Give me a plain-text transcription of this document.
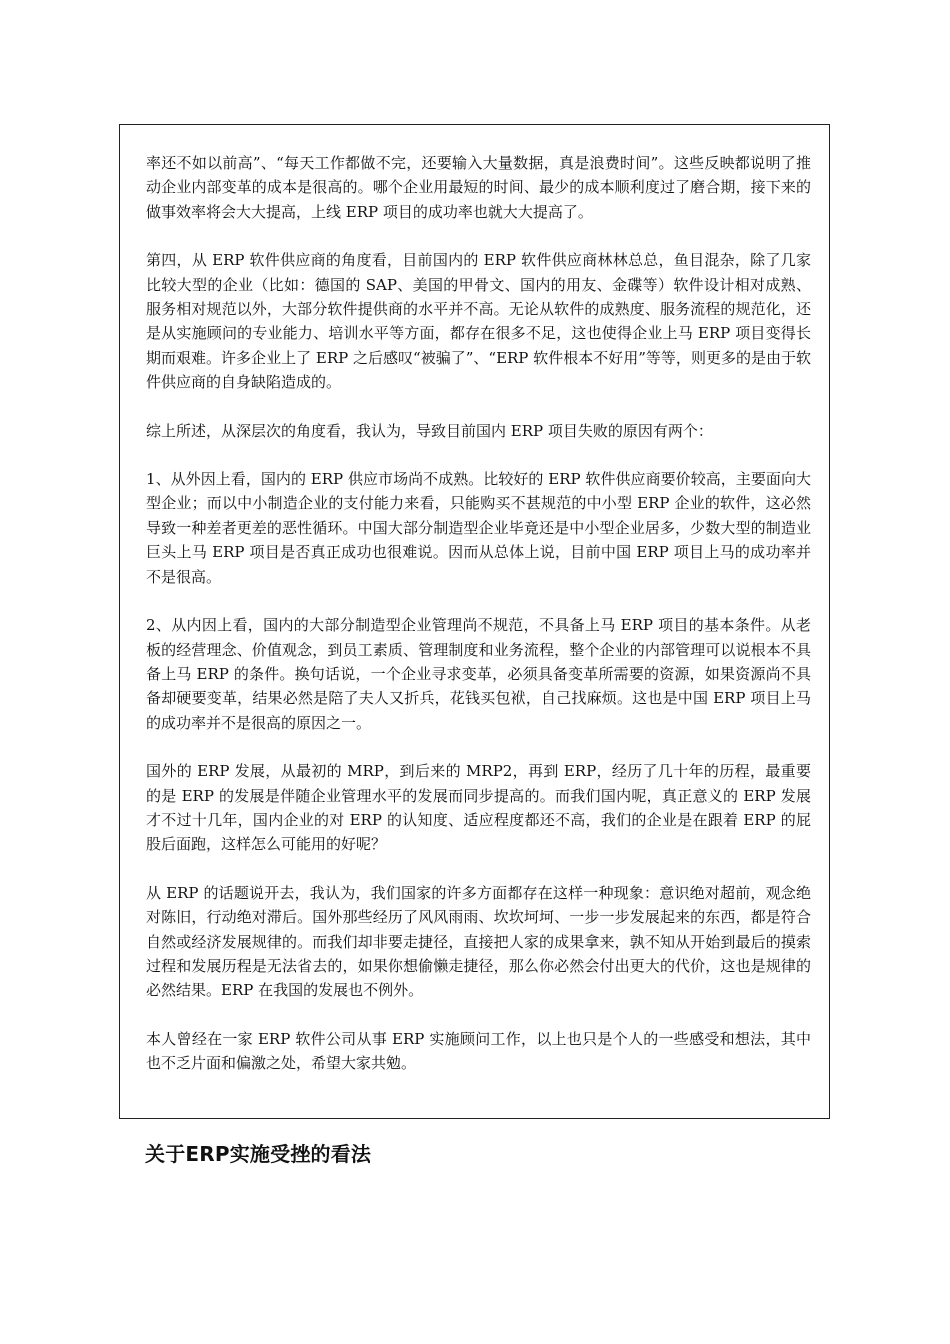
率还不如以前高”、“每天工作都做不完，还要输入大量数据，真是浪费时间”。这些反映都说明了推动企业内部变革的成本是很高的。哪个企业用最短的时间、最少的成本顺利度过了磨合期，接下来的做事效率将会大大提高，上线 ERP 项目的成功率也就大大提高了。

第四，从 ERP 软件供应商的角度看，目前国内的 ERP 软件供应商林林总总，鱼目混杂，除了几家比较大型的企业（比如：德国的 SAP、美国的甲骨文、国内的用友、金碟等）软件设计相对成熟、服务相对规范以外，大部分软件提供商的水平并不高。无论从软件的成熟度、服务流程的规范化，还是从实施顾问的专业能力、培训水平等方面，都存在很多不足，这也使得企业上马 ERP 项目变得长期而艰难。许多企业上了 ERP 之后感叹“被骗了”、“ERP 软件根本不好用”等等，则更多的是由于软件供应商的自身缺陷造成的。

综上所述，从深层次的角度看，我认为，导致目前国内 ERP 项目失败的原因有两个：

1、从外因上看，国内的 ERP 供应市场尚不成熟。比较好的 ERP 软件供应商要价较高，主要面向大型企业；而以中小制造企业的支付能力来看，只能购买不甚规范的中小型 ERP 企业的软件，这必然导致一种差者更差的恶性循环。中国大部分制造型企业毕竟还是中小型企业居多，少数大型的制造业巨头上马 ERP 项目是否真正成功也很难说。因而从总体上说，目前中国 ERP 项目上马的成功率并不是很高。

2、从内因上看，国内的大部分制造型企业管理尚不规范，不具备上马 ERP 项目的基本条件。从老板的经营理念、价值观念，到员工素质、管理制度和业务流程，整个企业的内部管理可以说根本不具备上马 ERP 的条件。换句话说，一个企业寻求变革，必须具备变革所需要的资源，如果资源尚不具备却硬要变革，结果必然是陪了夫人又折兵，花钱买包袱，自己找麻烦。这也是中国 ERP 项目上马的成功率并不是很高的原因之一。

国外的 ERP 发展，从最初的 MRP，到后来的 MRP2，再到 ERP，经历了几十年的历程，最重要的是 ERP 的发展是伴随企业管理水平的发展而同步提高的。而我们国内呢，真正意义的 ERP 发展才不过十几年，国内企业的对 ERP 的认知度、适应程度都还不高，我们的企业是在跟着 ERP 的屁股后面跑，这样怎么可能用的好呢？

从 ERP 的话题说开去，我认为，我们国家的许多方面都存在这样一种现象：意识绝对超前，观念绝对陈旧，行动绝对滞后。国外那些经历了风风雨雨、坎坎坷坷、一步一步发展起来的东西，都是符合自然或经济发展规律的。而我们却非要走捷径，直接把人家的成果拿来，孰不知从开始到最后的摸索过程和发展历程是无法省去的，如果你想偷懒走捷径，那么你必然会付出更大的代价，这也是规律的必然结果。ERP 在我国的发展也不例外。

本人曾经在一家 ERP 软件公司从事 ERP 实施顾问工作，以上也只是个人的一些感受和想法，其中也不乏片面和偏激之处，希望大家共勉。

关于ERP实施受挫的看法
